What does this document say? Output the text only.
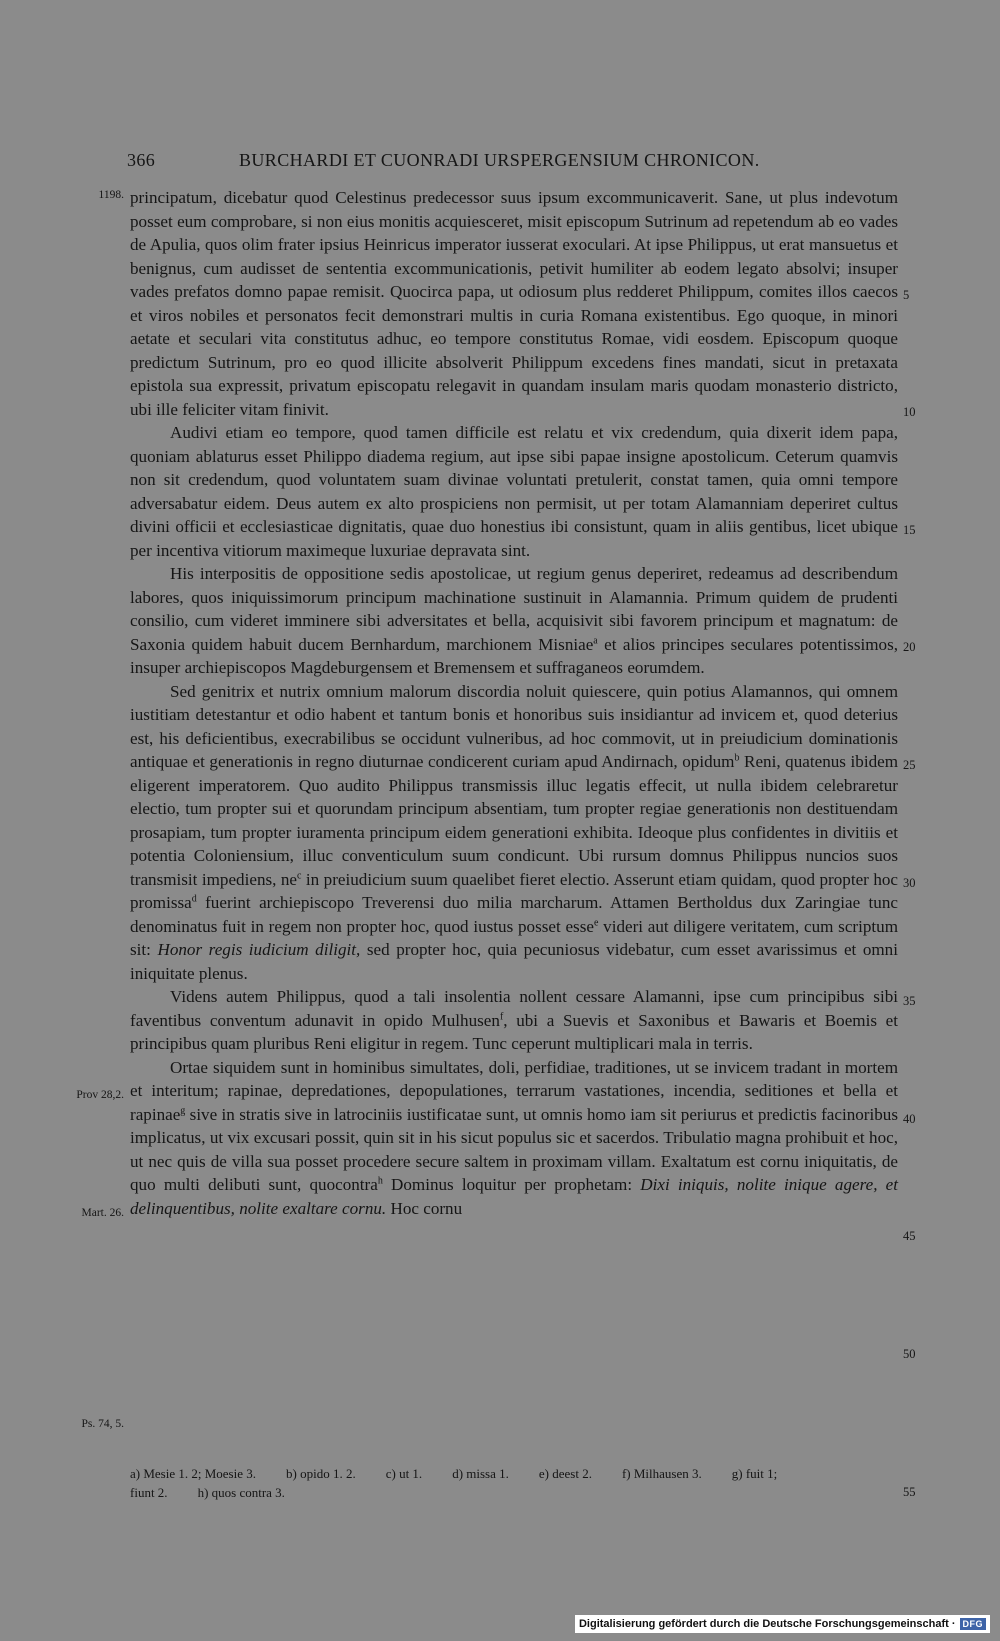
366	BURCHARDI ET CUONRADI URSPERGENSIUM CHRONICON.
1198.
Prov 28,2.
Mart. 26.
Ps. 74, 5.
5
10
15
20
25
30
35
40
45
50

principatum, dicebatur quod Celestinus predecessor suus ipsum excommunicaverit. Sane, ut plus indevotum posset eum comprobare, si non eius monitis acquiesceret, misit episcopum Sutrinum ad repetendum ab eo vades de Apulia, quos olim frater ipsius Heinricus imperator iusserat exoculari. At ipse Philippus, ut erat mansuetus et benignus, cum audisset de sententia excommunicationis, petivit humiliter ab eodem legato absolvi; insuper vades prefatos domno papae remisit. Quocirca papa, ut odiosum plus redderet Philippum, comites illos caecos et viros nobiles et personatos fecit demonstrari multis in curia Romana existentibus. Ego quoque, in minori aetate et seculari vita constitutus adhuc, eo tempore constitutus Romae, vidi eosdem. Episcopum quoque predictum Sutrinum, pro eo quod illicite absolverit Philippum excedens fines mandati, sicut in pretaxata epistola sua expressit, privatum episcopatu relegavit in quandam insulam maris quodam monasterio districto, ubi ille feliciter vitam finivit.

Audivi etiam eo tempore, quod tamen difficile est relatu et vix credendum, quia dixerit idem papa, quoniam ablaturus esset Philippo diadema regium, aut ipse sibi papae insigne apostolicum. Ceterum quamvis non sit credendum, quod voluntatem suam divinae voluntati pretulerit, constat tamen, quia omni tempore adversabatur eidem. Deus autem ex alto prospiciens non permisit, ut per totam Alamanniam deperiret cultus divini officii et ecclesiasticae dignitatis, quae duo honestius ibi consistunt, quam in aliis gentibus, licet ubique per incentiva vitiorum maximeque luxuriae depravata sint.

His interpositis de oppositione sedis apostolicae, ut regium genus deperiret, redeamus ad describendum labores, quos iniquissimorum principum machinatione sustinuit in Alamannia. Primum quidem de prudenti consilio, cum videret imminere sibi adversitates et bella, acquisivit sibi favorem principum et magnatum: de Saxonia quidem habuit ducem Bernhardum, marchionem Misniae$^a$ et alios principes seculares potentissimos, insuper archiepiscopos Magdeburgensem et Bremensem et suffraganeos eorumdem.

Sed genitrix et nutrix omnium malorum discordia noluit quiescere, quin potius Alamannos, qui omnem iustitiam detestantur et odio habent et tantum bonis et honoribus suis insidiantur ad invicem et, quod deterius est, his deficientibus, execrabilibus se occidunt vulneribus, ad hoc commovit, ut in preiudicium dominationis antiquae et generationis in regno diuturnae condicerent curiam apud Andirnach, opidum$^b$ Reni, quatenus ibidem eligerent imperatorem. Quo audito Philippus transmissis illuc legatis effecit, ut nulla ibidem celebraretur electio, tum propter sui et quorundam principum absentiam, tum propter regiae generationis non destituendam prosapiam, tum propter iuramenta principum eidem generationi exhibita. Ideoque plus confidentes in divitiis et potentia Coloniensium, illuc conventiculum suum condicunt. Ubi rursum domnus Philippus nuncios suos transmisit impediens, $ne^c$ in preiudicium suum quaelibet fieret electio. Asserunt etiam quidam, quod propter hoc promissa$^d$ fuerint archiepiscopo Treverensi duo milia marcharum. Attamen Bertholdus dux Zaringiae tunc denominatus fuit in regem non propter hoc, quod iustus posset esse$^e$ videri aut diligere veritatem, cum scriptum sit: Honor regis iudicium diligit, sed propter hoc, quia pecuniosus videbatur, cum esset avarissimus et omni iniquitate plenus.

Videns autem Philippus, quod a tali insolentia nollent cessare Alamanni, ipse cum principibus sibi faventibus conventum adunavit in opido Mulhusen$^f$, ubi a Suevis et Saxonibus et Bawaris et Boemis et principibus quam pluribus Reni eligitur in regem. Tunc ceperunt multiplicari mala in terris.

Ortae siquidem sunt in hominibus simultates, doli, perfidiae, traditiones, ut se invicem tradant in mortem et interitum; rapinae, depredationes, depopulationes, terrarum vastationes, incendia, seditiones et bella et rapinae$^g$ sive in stratis sive in latrociniis iustificatae sunt, ut omnis homo iam sit periurus et predictis facinoribus implicatus, ut vix excusari possit, quin sit in his sicut populus sic et sacerdos. Tribulatio magna prohibuit et hoc, ut nec quis de villa sua posset procedere secure saltem in proximam villam. Exaltatum est cornu iniquitatis, de quo multi delibuti sunt, quocontra$^h$ Dominus loquitur per prophetam: Dixi iniquis, nolite inique agere, et delinquentibus, nolite exaltare cornu. Hoc cornu

a) Mesie 1. 2; Moesie 3. b) opido 1. 2. c) ut 1. d) missa 1. e) deest 2. f) Milhausen 3. g) fuit 1;
fiunt 2. h) quos contra 3.	55
Digitalisierung gefördert durch die Deutsche Forschungsgemeinschaft · DFG
